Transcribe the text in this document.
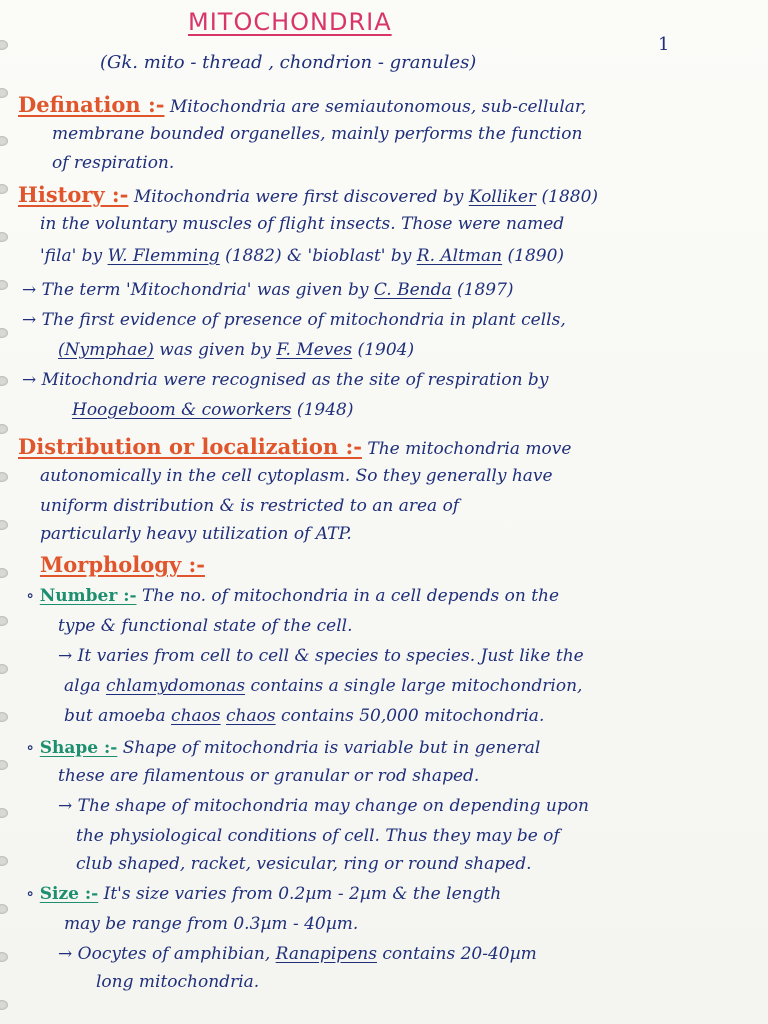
MITOCHONDRIA
1
(Gk. mito - thread , chondrion - granules)
Defination :- Mitochondria are semiautonomous, sub-cellular,
membrane bounded organelles, mainly performs the function
of respiration.
History :- Mitochondria were first discovered by Kolliker (1880)
in the voluntary muscles of flight insects. Those were named
'fila' by W. Flemming (1882) & 'bioblast' by R. Altman (1890)
→ The term 'Mitochondria' was given by C. Benda (1897)
→ The first evidence of presence of mitochondria in plant cells,
(Nymphae) was given by F. Meves (1904)
→ Mitochondria were recognised as the site of respiration by
Hoogeboom & coworkers (1948)
Distribution or localization :- The mitochondria move
autonomically in the cell cytoplasm. So they generally have
uniform distribution & is restricted to an area of
particularly heavy utilization of ATP.
Morphology :-
∘ Number :- The no. of mitochondria in a cell depends on the
type & functional state of the cell.
→ It varies from cell to cell & species to species. Just like the
alga chlamydomonas contains a single large mitochondrion,
but amoeba chaos chaos contains 50,000 mitochondria.
∘ Shape :- Shape of mitochondria is variable but in general
these are filamentous or granular or rod shaped.
→ The shape of mitochondria may change on depending upon
the physiological conditions of cell. Thus they may be of
club shaped, racket, vesicular, ring or round shaped.
∘ Size :- It's size varies from 0.2µm - 2µm & the length
may be range from 0.3µm - 40µm.
→ Oocytes of amphibian, Ranapipens contains 20-40µm
long mitochondria.
